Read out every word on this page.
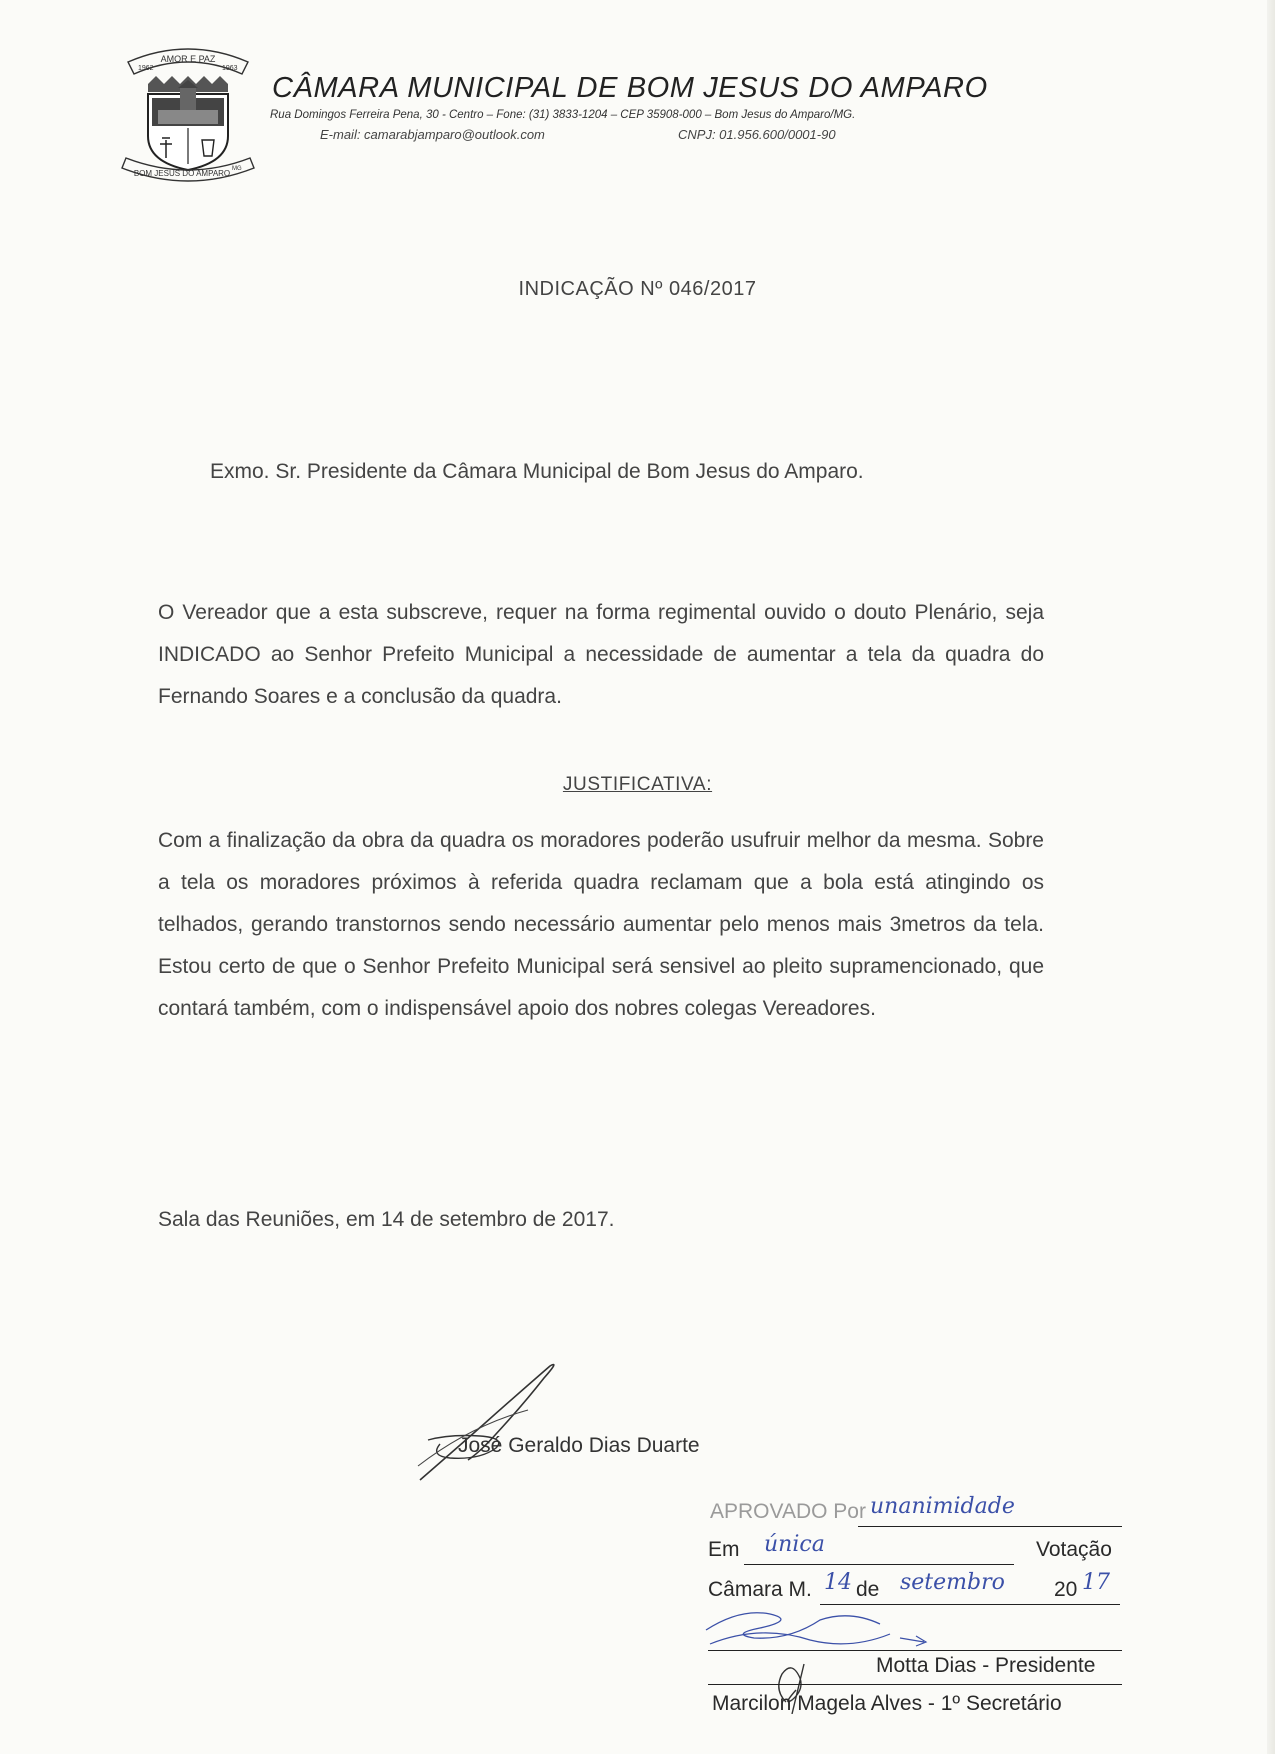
AMOR E PAZ
1962	1963
BOM JESUS DO AMPARO MG
CÂMARA MUNICIPAL DE BOM JESUS DO AMPARO
Rua Domingos Ferreira Pena, 30 - Centro – Fone: (31) 3833-1204 – CEP 35908-000 – Bom Jesus do Amparo/MG.
E-mail: camarabjamparo@outlook.com	CNPJ: 01.956.600/0001-90
INDICAÇÃO Nº 046/2017
Exmo. Sr. Presidente da Câmara Municipal de Bom Jesus do Amparo.

O Vereador que a esta subscreve, requer na forma regimental ouvido o douto Plenário, seja INDICADO ao Senhor Prefeito Municipal a necessidade de aumentar a tela da quadra do Fernando Soares e a conclusão da quadra.

JUSTIFICATIVA:

Com a finalização da obra da quadra os moradores poderão usufruir melhor da mesma. Sobre a tela os moradores próximos à referida quadra reclamam que a bola está atingindo os telhados, gerando transtornos sendo necessário aumentar pelo menos mais 3metros da tela. Estou certo de que o Senhor Prefeito Municipal será sensivel ao pleito supramencionado, que contará também, com o indispensável apoio dos nobres colegas Vereadores.

Sala das Reuniões, em 14 de setembro de 2017.
José Geraldo Dias Duarte
APROVADO Por unanimidade
Em única	Votação
Câmara M. 14 de setembro 20 17
Motta Dias - Presidente
Marcilon Magela Alves - 1º Secretário
